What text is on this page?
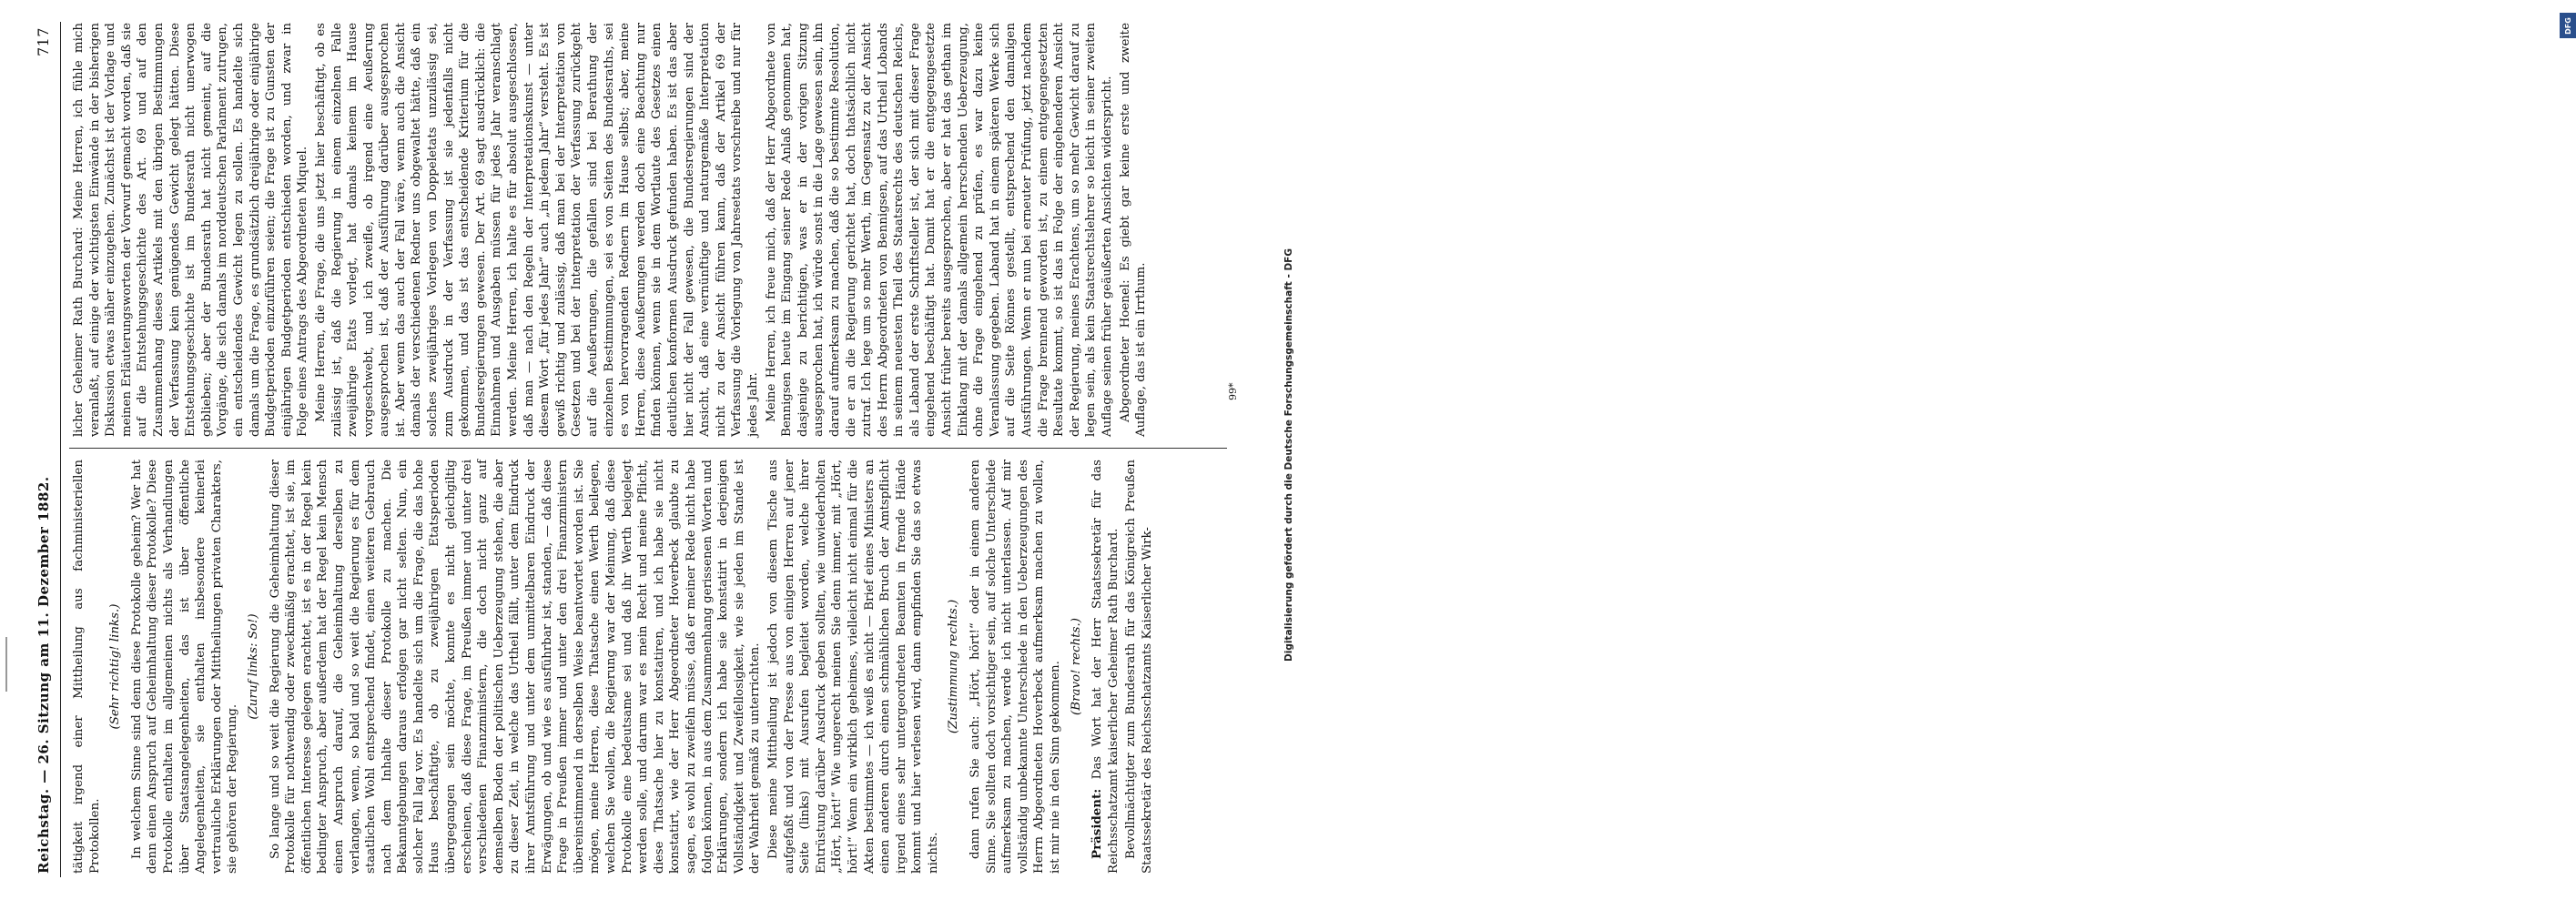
Reichstag. — 26. Sitzung am 11. Dezember 1882.
717

tätigkeit irgend einer Mittheilung aus fachministeriellen Protokollen.

(Sehr richtig! links.) In welchem Sinne sind denn diese Protokolle geheim? Wer hat denn einen Anspruch auf Geheimhaltung dieser Protokolle? Diese Protokolle enthalten im allgemeinen nichts als Verhandlungen über Staatsangelegenheiten, das ist über öffentliche Angelegenheiten, sie enthalten insbesondere keinerlei vertrauliche Erklärungen oder Mittheilungen privaten Charakters, sie gehören der Regierung.

(Zuruf links: So!) So lange und so weit die Regierung die Geheimhaltung dieser Protokolle für nothwendig oder zweckmäßig erachtet, ist sie, im öffentlichen Interesse gelegen erachtet, ist es in der Regel kein bedingter Anspruch, aber außerdem hat der Regel kein Mensch einen Anspruch darauf, die Geheimhaltung derselben zu verlangen, wenn, so bald und so weit die Regierung es für dem staatlichen Wohl entsprechend findet, einen weiteren Gebrauch nach dem Inhalte dieser Protokolle zu machen. Die Bekanntgebungen daraus erfolgen gar nicht selten. Nun, ein solcher Fall lag vor. Es handelte sich um die Frage, die das hohe Haus beschäftigte, ob zu zweijährigen Etatsperioden übergegangen sein möchte, konnte es nicht gleichgiltig erscheinen, daß diese Frage, im Preußen immer und unter drei verschiedenen Finanzministern, die doch nicht ganz auf demselben Boden der politischen Ueberzeugung stehen, die aber zu dieser Zeit, in welche das Urtheil fällt, unter dem Eindruck ihrer Amtsführung und unter dem unmittelbaren Eindruck der Erwägungen, ob und wie es ausführbar ist, standen, — daß diese Frage in Preußen immer und unter den drei Finanzministern übereinstimmend in derselben Weise beantwortet worden ist. Sie mögen, meine Herren, diese Thatsache einen Werth beilegen, welchen Sie wollen, die Regierung war der Meinung, daß diese Protokolle eine bedeutsame sei und daß ihr Werth beigelegt werden solle, und darum war es mein Recht und meine Pflicht, diese Thatsache hier zu konstatiren, und ich habe sie nicht konstatirt, wie der Herr Abgeordneter Hoverbeck glaubte zu sagen, es wohl zu zweifeln müsse, daß er meiner Rede nicht habe folgen können, in aus dem Zusammenhang gerissenen Worten und Erklärungen, sondern ich habe sie konstatirt in derjenigen Vollständigkeit und Zweifellosigkeit, wie sie jeden im Stande ist der Wahrheit gemäß zu unterrichten. Diese meine Mittheilung ist jedoch von diesem Tische aus aufgefaßt und von der Presse aus von einigen Herren auf jener Seite (links) mit Ausrufen begleitet worden, welche ihrer Entrüstung darüber Ausdruck geben sollten, wie unwiederholten „Hört, hört!“ Wie ungerecht meinen Sie denn immer, mit „Hört, hört!“ Wenn ein wirklich geheimes, vielleicht nicht einmal für die Akten bestimmtes — ich weiß es nicht — Brief eines Ministers an einen anderen durch einen schmählichen Bruch der Amtspflicht irgend eines sehr untergeordneten Beamten in fremde Hände kommt und hier verlesen wird, dann empfinden Sie das so etwas nichts.

(Zustimmung rechts.) dann rufen Sie auch: „Hört, hört!“ oder in einem anderen Sinne. Sie sollten doch vorsichtiger sein, auf solche Unterschiede aufmerksam zu machen, werde ich nicht unterlassen. Auf mir vollständig unbekannte Unterschiede in den Ueberzeugungen des Herrn Abgeordneten Hoverbeck aufmerksam machen zu wollen, ist mir nie in den Sinn gekommen. (Bravo! rechts.)

Präsident: Das Wort hat der Herr Staatssekretär für das Reichsschatzamt kaiserlicher Geheimer Rath Burchard. Bevollmächtigter zum Bundesrath für das Königreich Preußen Staatssekretär des Reichsschatzamts Kaiserlicher Wirk-

licher Geheimer Rath Burchard: Meine Herren, ich fühle mich veranlaßt, auf einige der wichtigsten Einwände in der bisherigen Diskussion etwas näher einzugehen. Zunächst ist der Vorlage und meinen Erläuterungsworten der Vorwurf gemacht worden, daß sie auf die Entstehungsgeschichte des Art. 69 und auf den Zusammenhang dieses Artikels mit den übrigen Bestimmungen der Verfassung kein genügendes Gewicht gelegt hätten. Diese Entstehungsgeschichte ist im Bundesrath nicht unerwogen geblieben; aber der Bundesrath hat nicht gemeint, auf die Vorgänge, die sich damals im norddeutschen Parlament zutrugen, ein entscheidendes Gewicht legen zu sollen. Es handelte sich damals um die Frage, es grundsätzlich dreijährige oder einjährige Budgetperioden einzuführen seien; die Frage ist zu Gunsten der einjährigen Budgetperioden entschieden worden, und zwar in Folge eines Antrags des Abgeordneten Miquel. Meine Herren, die Frage, die uns jetzt hier beschäftigt, ob es zulässig ist, daß die Regierung in einem einzelnen Falle zweijährige Etats vorlegt, hat damals keinem im Hause vorgeschwebt, und ich zweifle, ob irgend eine Aeußerung ausgesprochen ist, daß der Ausführung darüber ausgesprochen ist. Aber wenn das auch der Fall wäre, wenn auch die Ansicht damals der verschiedenen Redner uns obgewaltet hätte, daß ein solches zweijähriges Vorlegen von Doppeletats unzulässig sei, zum Ausdruck in der Verfassung ist sie jedenfalls nicht gekommen, und das ist das entscheidende Kriterium für die Bundesregierungen gewesen. Der Art. 69 sagt ausdrücklich: die Einnahmen und Ausgaben müssen für jedes Jahr veranschlagt werden. Meine Herren, ich halte es für absolut ausgeschlossen, daß man — nach den Regeln der Interpretationskunst — unter diesem Wort „für jedes Jahr“ auch „in jedem Jahr“ versteht. Es ist gewiß richtig und zulässig, daß man bei der Interpretation von Gesetzen und bei der Interpretation der Verfassung zurückgeht auf die Aeußerungen, die gefallen sind bei Berathung der einzelnen Bestimmungen, sei es von Seiten des Bundesraths, sei es von hervorragenden Rednern im Hause selbst; aber, meine Herren, diese Aeußerungen werden doch eine Beachtung nur finden können, wenn sie in dem Wortlaute des Gesetzes einen deutlichen konformen Ausdruck gefunden haben. Es ist das aber hier nicht der Fall gewesen, die Bundesregierungen sind der Ansicht, daß eine vernünftige und naturgemäße Interpretation nicht zu der Ansicht führen kann, daß der Artikel 69 der Verfassung die Vorlegung von Jahresetats vorschreibe und nur für jedes Jahr. Meine Herren, ich freue mich, daß der Herr Abgeordnete von Bennigsen heute im Eingang seiner Rede Anlaß genommen hat, dasjenige zu berichtigen, was er in der vorigen Sitzung ausgesprochen hat, ich würde sonst in die Lage gewesen sein, ihn darauf aufmerksam zu machen, daß die so bestimmte Resolution, die er an die Regierung gerichtet hat, doch thatsächlich nicht zutraf. Ich lege um so mehr Werth, im Gegensatz zu der Ansicht des Herrn Abgeordneten von Bennigsen, auf das Urtheil Lobands in seinem neuesten Theil des Staatsrechts des deutschen Reichs, als Laband der erste Schriftsteller ist, der sich mit dieser Frage eingehend beschäftigt hat. Damit hat er die entgegengesetzte Ansicht früher bereits ausgesprochen, aber er hat das gethan im Einklang mit der damals allgemein herrschenden Ueberzeugung, ohne die Frage eingehend zu prüfen, es war dazu keine Veranlassung gegeben. Laband hat in einem späteren Werke sich auf die Seite Rönnes gestellt, entsprechend den damaligen Ausführungen. Wenn er nun bei erneuter Prüfung, jetzt nachdem die Frage brennend geworden ist, zu einem entgegengesetzten Resultate kommt, so ist das in Folge der eingehenderen Ansicht der Regierung, meines Erachtens, um so mehr Gewicht darauf zu legen sein, als kein Staatsrechtslehrer so leicht in seiner zweiten Auflage seinen früher geäußerten Ansichten widerspricht. Abgeordneter Hoenel: Es giebt gar keine erste und zweite Auflage, das ist ein Irrthum.	99*
DFG
Digitalisierung gefördert durch die Deutsche Forschungsgemeinschaft - DFG
